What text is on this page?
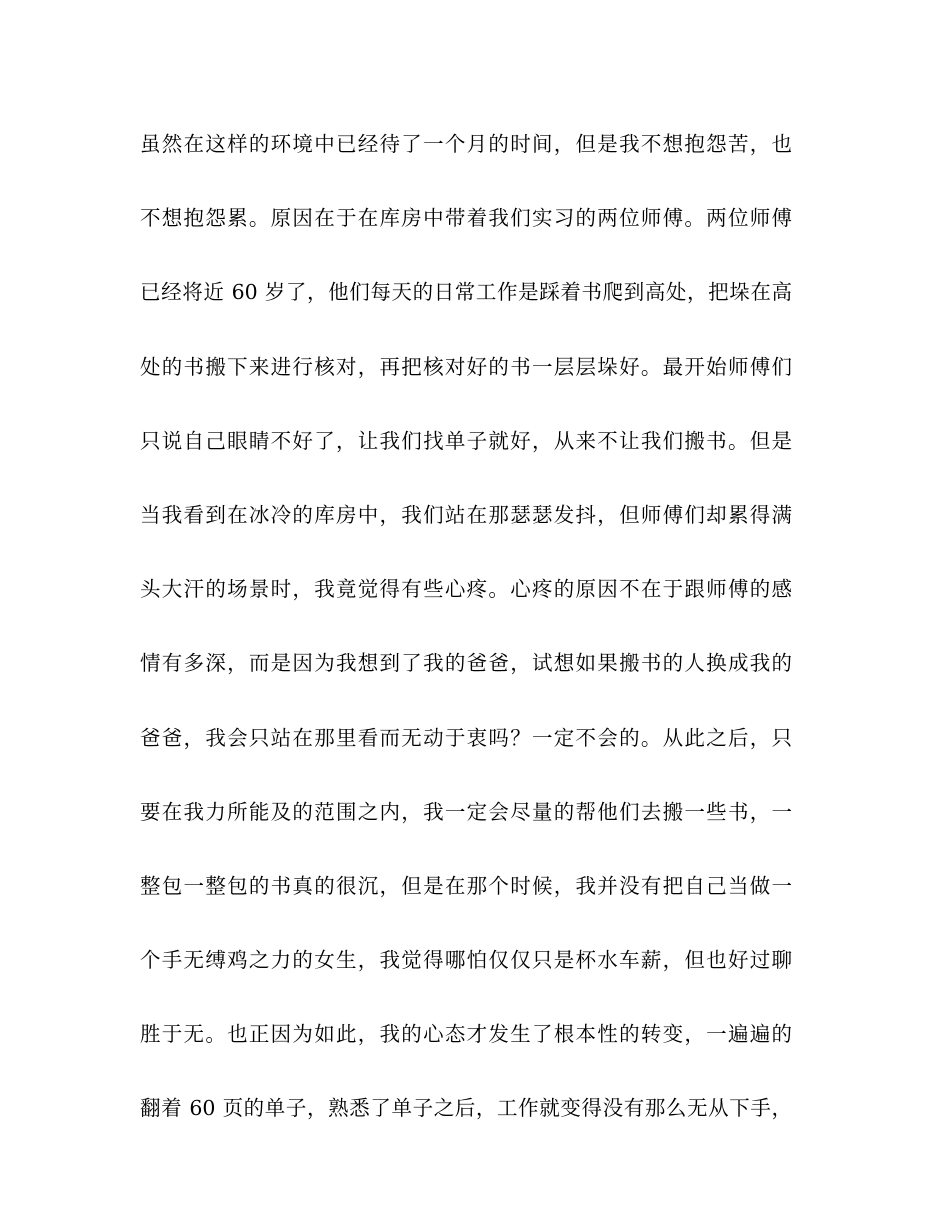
虽然在这样的环境中已经待了一个月的时间，但是我不想抱怨苦，也
不想抱怨累。原因在于在库房中带着我们实习的两位师傅。两位师傅
已经将近 60 岁了，他们每天的日常工作是踩着书爬到高处，把垛在高
处的书搬下来进行核对，再把核对好的书一层层垛好。最开始师傅们
只说自己眼睛不好了，让我们找单子就好，从来不让我们搬书。但是
当我看到在冰冷的库房中，我们站在那瑟瑟发抖，但师傅们却累得满
头大汗的场景时，我竟觉得有些心疼。心疼的原因不在于跟师傅的感
情有多深，而是因为我想到了我的爸爸，试想如果搬书的人换成我的
爸爸，我会只站在那里看而无动于衷吗？一定不会的。从此之后，只
要在我力所能及的范围之内，我一定会尽量的帮他们去搬一些书，一
整包一整包的书真的很沉，但是在那个时候，我并没有把自己当做一
个手无缚鸡之力的女生，我觉得哪怕仅仅只是杯水车薪，但也好过聊
胜于无。也正因为如此，我的心态才发生了根本性的转变，一遍遍的
翻着 60 页的单子，熟悉了单子之后，工作就变得没有那么无从下手，
